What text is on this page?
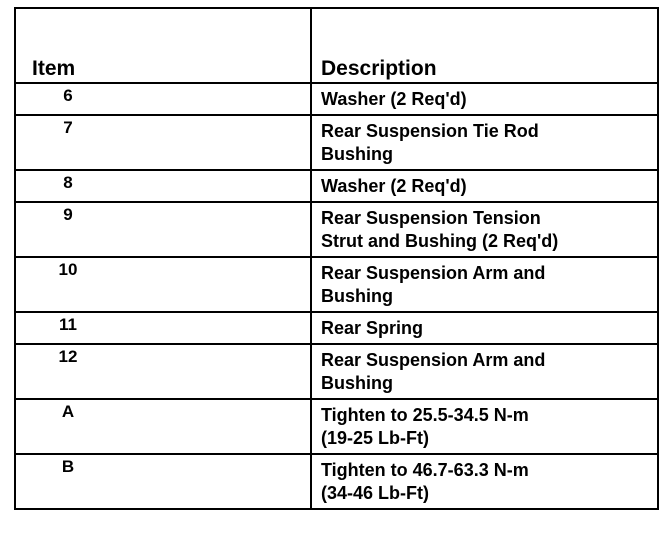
Item	Description
6	Washer (2 Req'd)
7	Rear Suspension Tie Rod
Bushing
8	Washer (2 Req'd)
9	Rear Suspension Tension
Strut and Bushing (2 Req'd)
10	Rear Suspension Arm and
Bushing
11	Rear Spring
12	Rear Suspension Arm and
Bushing
A	Tighten to 25.5-34.5 N-m
(19-25 Lb-Ft)
B	Tighten to 46.7-63.3 N-m
(34-46 Lb-Ft)
